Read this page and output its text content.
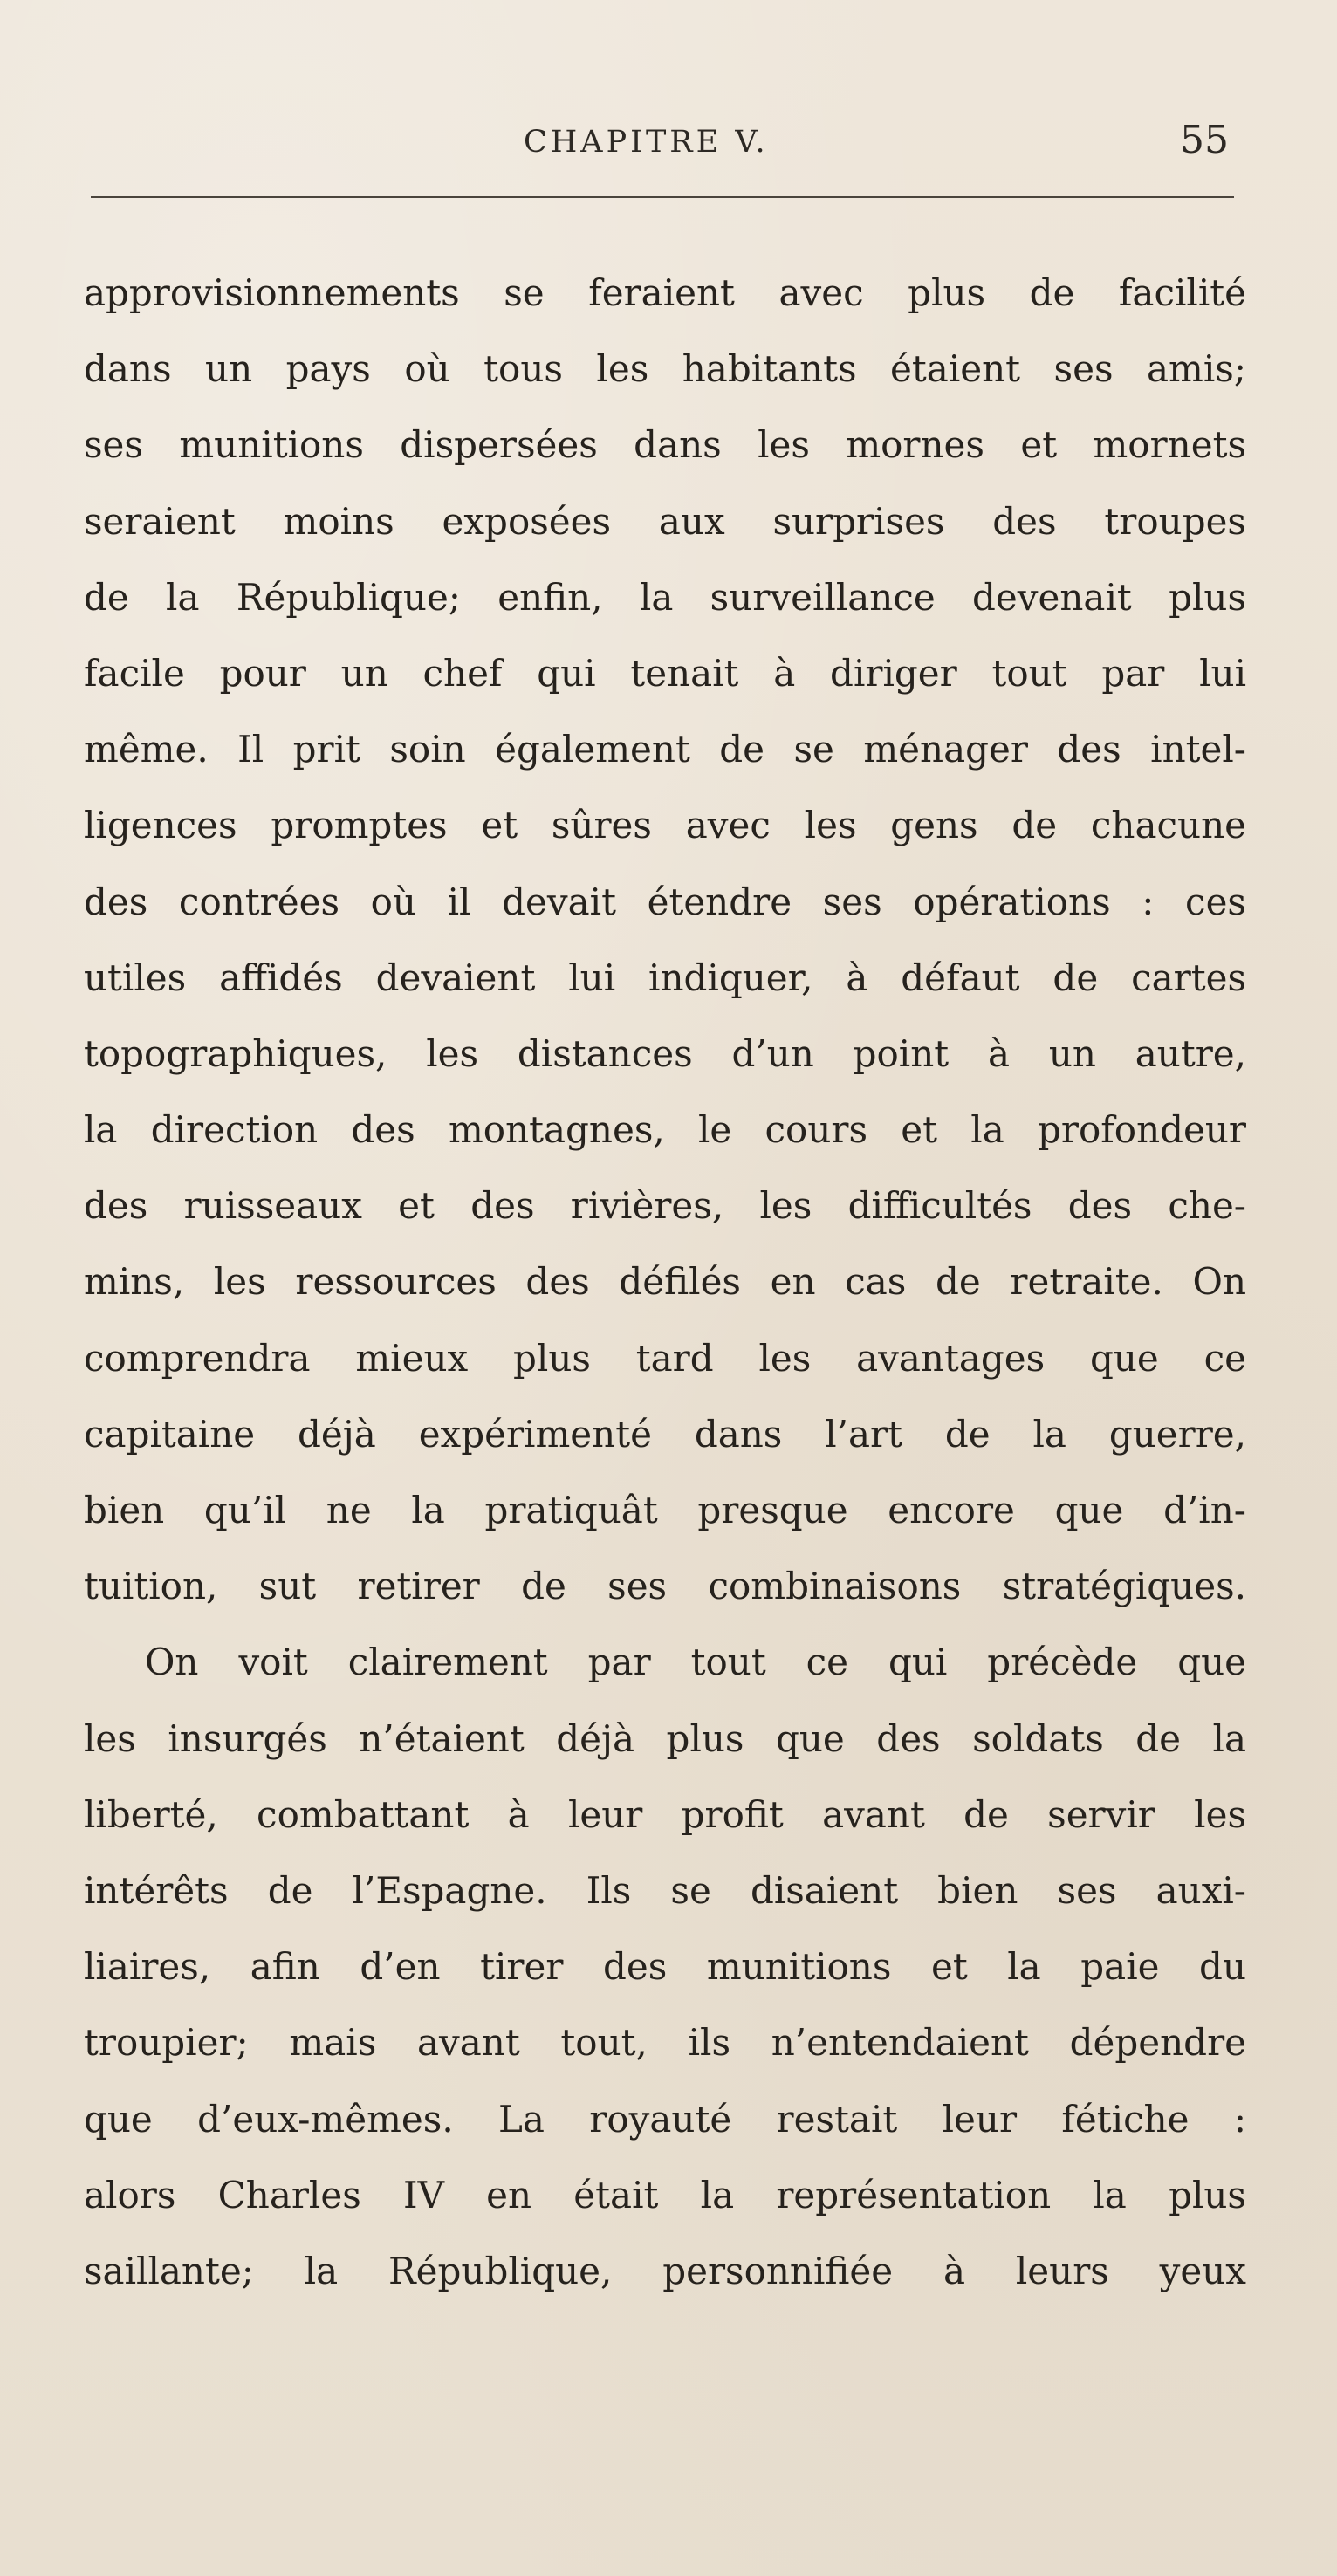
CHAPITRE V.	55
approvisionnements se feraient avec plus de facilité
dans un pays où tous les habitants étaient ses amis;
ses munitions dispersées dans les mornes et mornets
seraient moins exposées aux surprises des troupes
de la République; enfin, la surveillance devenait plus
facile pour un chef qui tenait à diriger tout par lui
même. Il prit soin également de se ménager des intel-
ligences promptes et sûres avec les gens de chacune
des contrées où il devait étendre ses opérations : ces
utiles affidés devaient lui indiquer, à défaut de cartes
topographiques, les distances d’un point à un autre,
la direction des montagnes, le cours et la profondeur
des ruisseaux et des rivières, les difficultés des che-
mins, les ressources des défilés en cas de retraite. On
comprendra mieux plus tard les avantages que ce
capitaine déjà expérimenté dans l’art de la guerre,
bien qu’il ne la pratiquât presque encore que d’in-
tuition, sut retirer de ses combinaisons stratégiques.
On voit clairement par tout ce qui précède que
les insurgés n’étaient déjà plus que des soldats de la
liberté, combattant à leur profit avant de servir les
intérêts de l’Espagne. Ils se disaient bien ses auxi-
liaires, afin d’en tirer des munitions et la paie du
troupier; mais avant tout, ils n’entendaient dépendre
que d’eux-mêmes. La royauté restait leur fétiche :
alors Charles IV en était la représentation la plus
saillante; la République, personnifiée à leurs yeux
